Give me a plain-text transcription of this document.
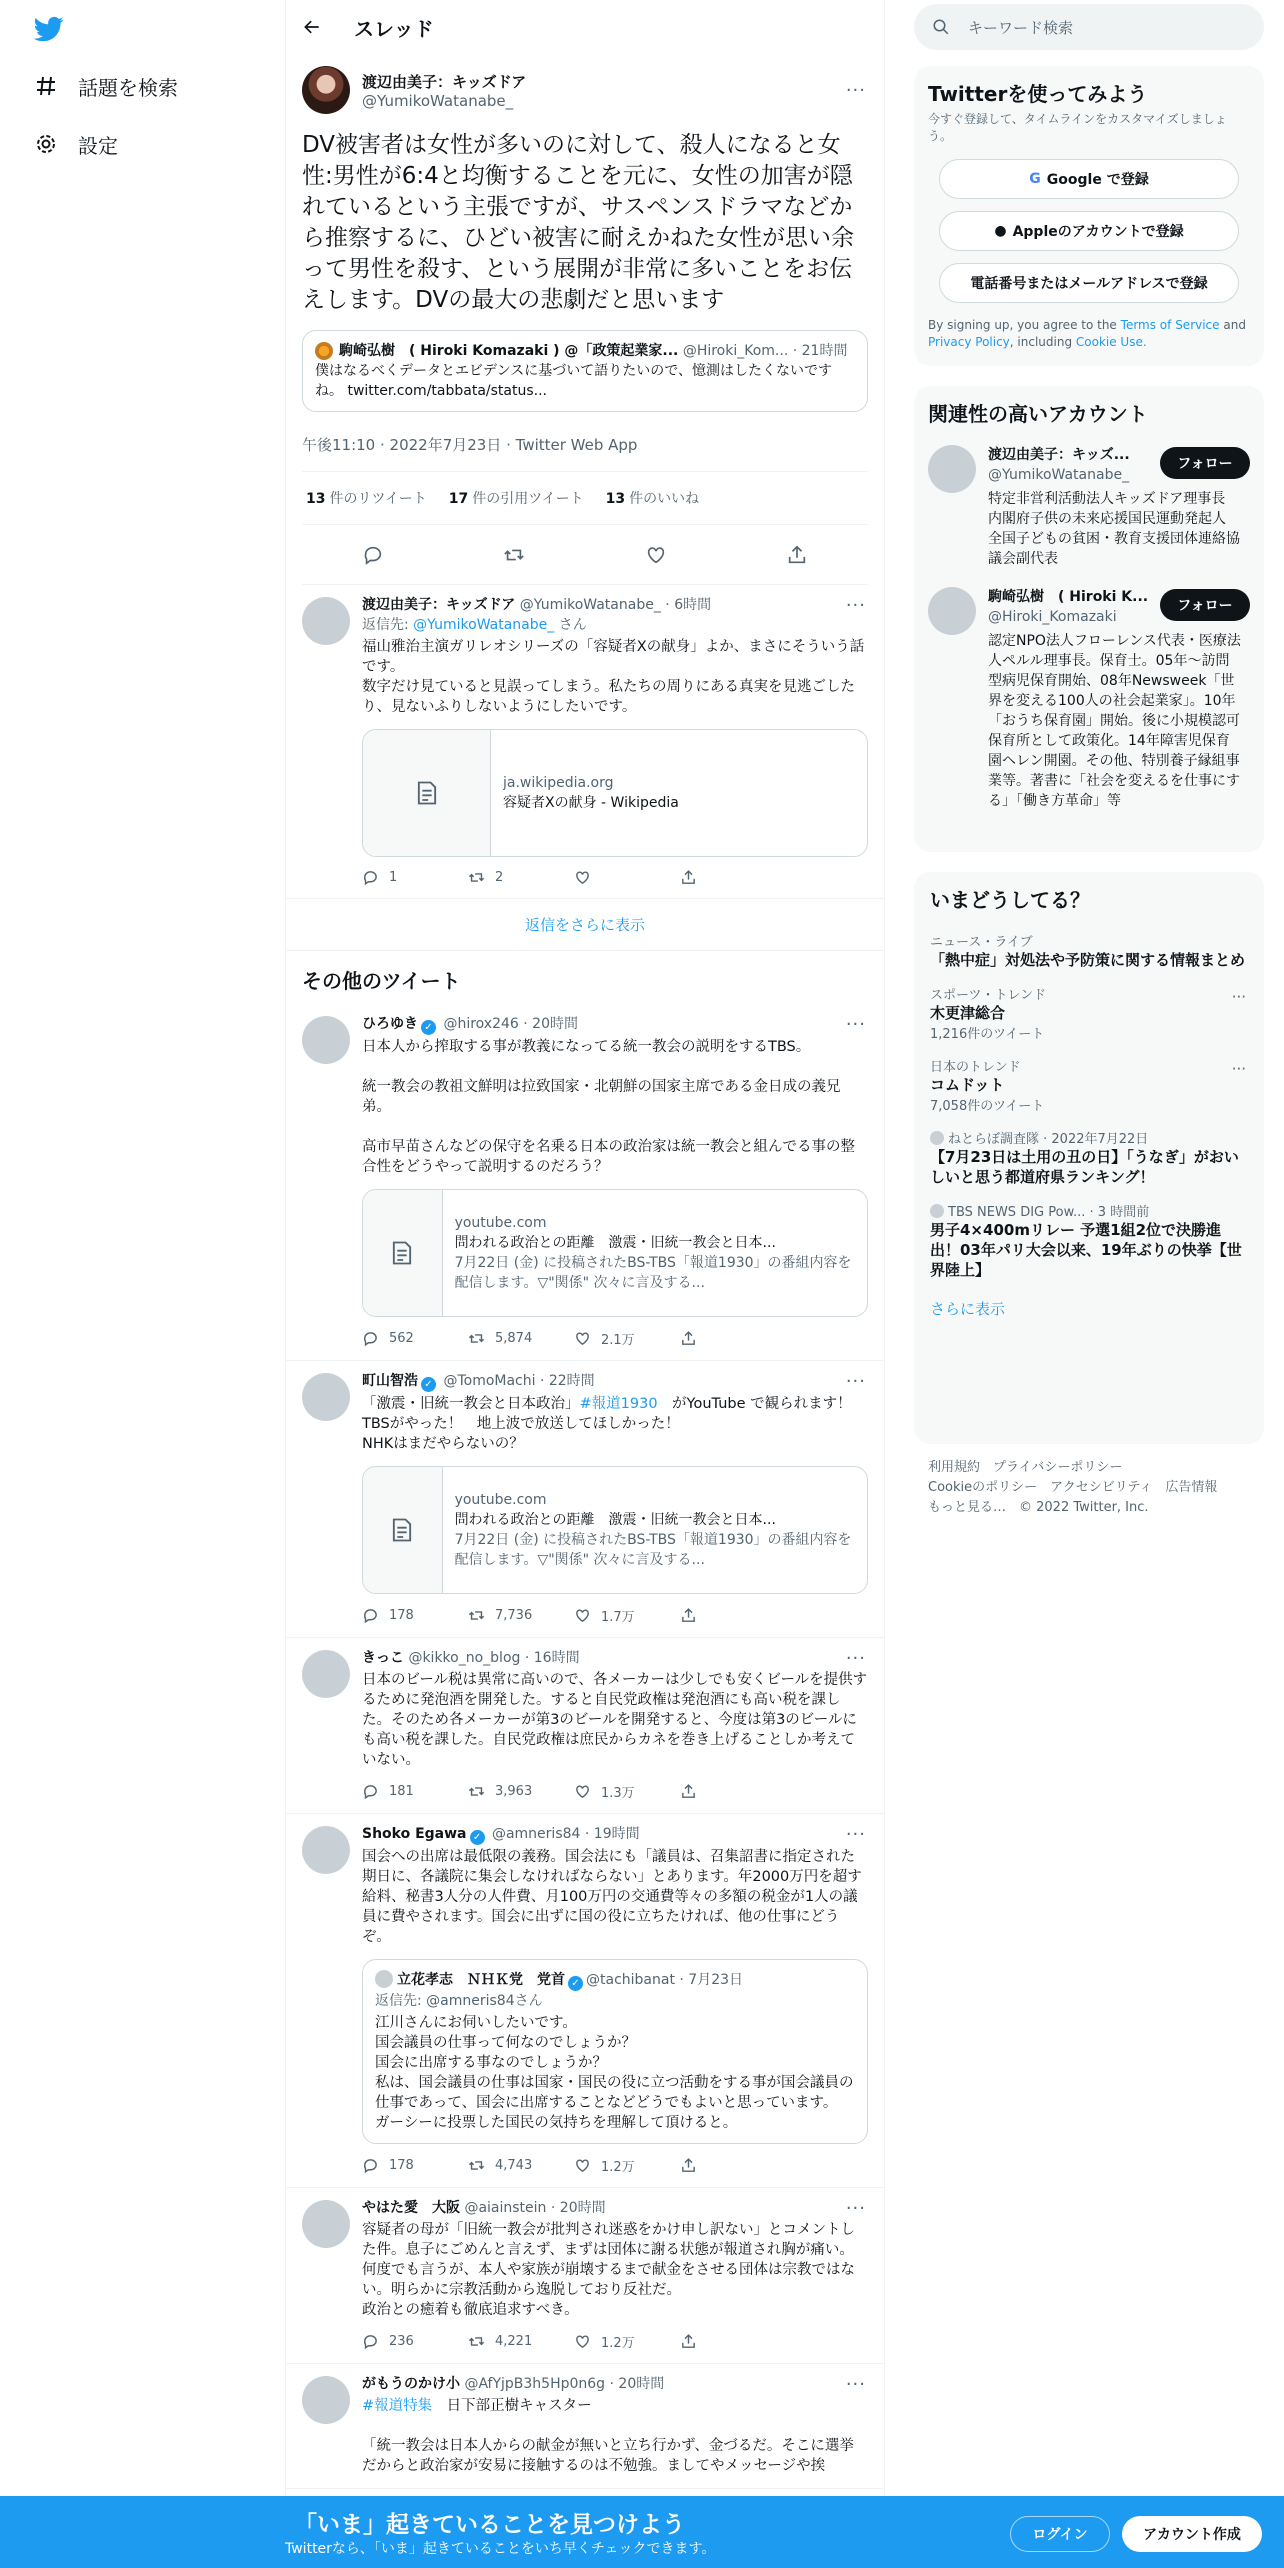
話題を検索
設定
スレッド
渡辺由美子：キッズドア
@YumikoWatanabe_	···
DV被害者は女性が多いのに対して、殺人になると女性:男性が6:4と均衡することを元に、女性の加害が隠れているという主張ですが、サスペンスドラマなどから推察するに、ひどい被害に耐えかねた女性が思い余って男性を殺す、という展開が非常に多いことをお伝えします。DVの最大の悲劇だと思います
駒崎弘樹　( Hiroki Komazaki ) @「政策起業家...
@Hiroki_Kom...
· 21時間
僕はなるべくデータとエビデンスに基づいて語りたいので、憶測はしたくないですね。 twitter.com/tabbata/status...
午後11:10 · 2022年7月23日 · Twitter Web App
13 件のリツイート 17 件の引用ツイート 13 件のいいね
渡辺由美子：キッズドア @YumikoWatanabe_ · 6時間	···
返信先: @YumikoWatanabe_ さん
福山雅治主演ガリレオシリーズの「容疑者Xの献身」よか、まさにそういう話です。
数字だけ見ていると見誤ってしまう。私たちの周りにある真実を見逃ごしたり、見ないふりしないようにしたいです。
ja.wikipedia.org
容疑者Xの献身 - Wikipedia
1	2
返信をさらに表示
その他のツイート
ひろゆき ✓ @hirox246 · 20時間	···
日本人から搾取する事が教義になってる統一教会の説明をするTBS。

統一教会の教祖文鮮明は拉致国家・北朝鮮の国家主席である金日成の義兄弟。

高市早苗さんなどの保守を名乗る日本の政治家は統一教会と組んでる事の整合性をどうやって説明するのだろう？
youtube.com
問われる政治との距離　激震・旧統一教会と日本...
7月22日 (金) に投稿されたBS-TBS「報道1930」の番組内容を配信します。▽"関係" 次々に言及する...
562	5,874	2.1万
町山智浩 ✓ @TomoMachi · 22時間	···
「激震・旧統一教会と日本政治」#報道1930　がYouTube で観られます！
TBSがやった！　地上波で放送してほしかった！
NHKはまだやらないの？
youtube.com
問われる政治との距離　激震・旧統一教会と日本...
7月22日 (金) に投稿されたBS-TBS「報道1930」の番組内容を配信します。▽"関係" 次々に言及する...
178	7,736	1.7万
きっこ @kikko_no_blog · 16時間	···
日本のビール税は異常に高いので、各メーカーは少しでも安くビールを提供するために発泡酒を開発した。すると自民党政権は発泡酒にも高い税を課した。そのため各メーカーが第3のビールを開発すると、今度は第3のビールにも高い税を課した。自民党政権は庶民からカネを巻き上げることしか考えていない。
181	3,963	1.3万
Shoko Egawa ✓ @amneris84 · 19時間	···
国会への出席は最低限の義務。国会法にも「議員は、召集詔書に指定された期日に、各議院に集会しなければならない」とあります。年2000万円を超す給料、秘書3人分の人件費、月100万円の交通費等々の多額の税金が1人の議員に費やされます。国会に出ずに国の役に立ちたければ、他の仕事にどうぞ。
立花孝志　ＮＨＫ党　党首 ✓ @tachibanat · 7月23日
返信先: @amneris84さん
江川さんにお伺いしたいです。
国会議員の仕事って何なのでしょうか？
国会に出席する事なのでしょうか？
私は、国会議員の仕事は国家・国民の役に立つ活動をする事が国会議員の仕事であって、国会に出席することなどどうでもよいと思っています。
ガーシーに投票した国民の気持ちを理解して頂けると。
178	4,743	1.2万
やはた愛　大阪 @aiainstein · 20時間	···
容疑者の母が「旧統一教会が批判され迷惑をかけ申し訳ない」とコメントした件。息子にごめんと言えず、まずは団体に謝る状態が報道され胸が痛い。何度でも言うが、本人や家族が崩壊するまで献金をさせる団体は宗教ではない。明らかに宗教活動から逸脱しており反社だ。
政治との癒着も徹底追求すべき。
236	4,221	1.2万
がもうのかけ小 @AfYjpB3h5Hp0n6g · 20時間	···
#報道特集　日下部正樹キャスター

「統一教会は日本人からの献金が無いと立ち行かず、金づるだ。そこに選挙だからと政治家が安易に接触するのは不勉強。ましてやメッセージや挨
キーワード検索
Twitterを使ってみよう
今すぐ登録して、タイムラインをカスタマイズしましょう。
G Google で登録
● Appleのアカウントで登録
電話番号またはメールアドレスで登録
By signing up, you agree to the Terms of Service and Privacy Policy, including Cookie Use.
関連性の高いアカウント
渡辺由美子：キッズ...
@YumikoWatanabe_
特定非営利活動法人キッズドア理事長 内閣府子供の未来応援国民運動発起人 全国子どもの貧困・教育支援団体連絡協議会副代表
フォロー
駒崎弘樹　( Hiroki K...
@Hiroki_Komazaki
認定NPO法人フローレンス代表・医療法人ペルル理事長。保育士。05年〜訪問型病児保育開始、08年Newsweek「世界を変える100人の社会起業家」。10年「おうち保育園」開始。後に小規模認可保育所として政策化。14年障害児保育園ヘレン開園。その他、特別養子縁組事業等。著書に「社会を変えるを仕事にする」「働き方革命」等
フォロー
いまどうしてる？
ニュース・ライブ
「熱中症」対処法や予防策に関する情報まとめ
スポーツ・トレンド
木更津総合
1,216件のツイート
···
日本のトレンド
コムドット
7,058件のツイート
···
ねとらぼ調査隊 · 2022年7月22日
【7月23日は土用の丑の日】「うなぎ」がおいしいと思う都道府県ランキング！
TBS NEWS DIG Pow... · 3 時間前
男子4×400mリレー 予選1組2位で決勝進出！03年パリ大会以来、19年ぶりの快挙【世界陸上】
さらに表示
利用規約　プライバシーポリシー
Cookieのポリシー　アクセシビリティ　広告情報
もっと見る…　© 2022 Twitter, Inc.
「いま」起きていることを見つけよう
Twitterなら、「いま」起きていることをいち早くチェックできます。
ログイン	アカウント作成
